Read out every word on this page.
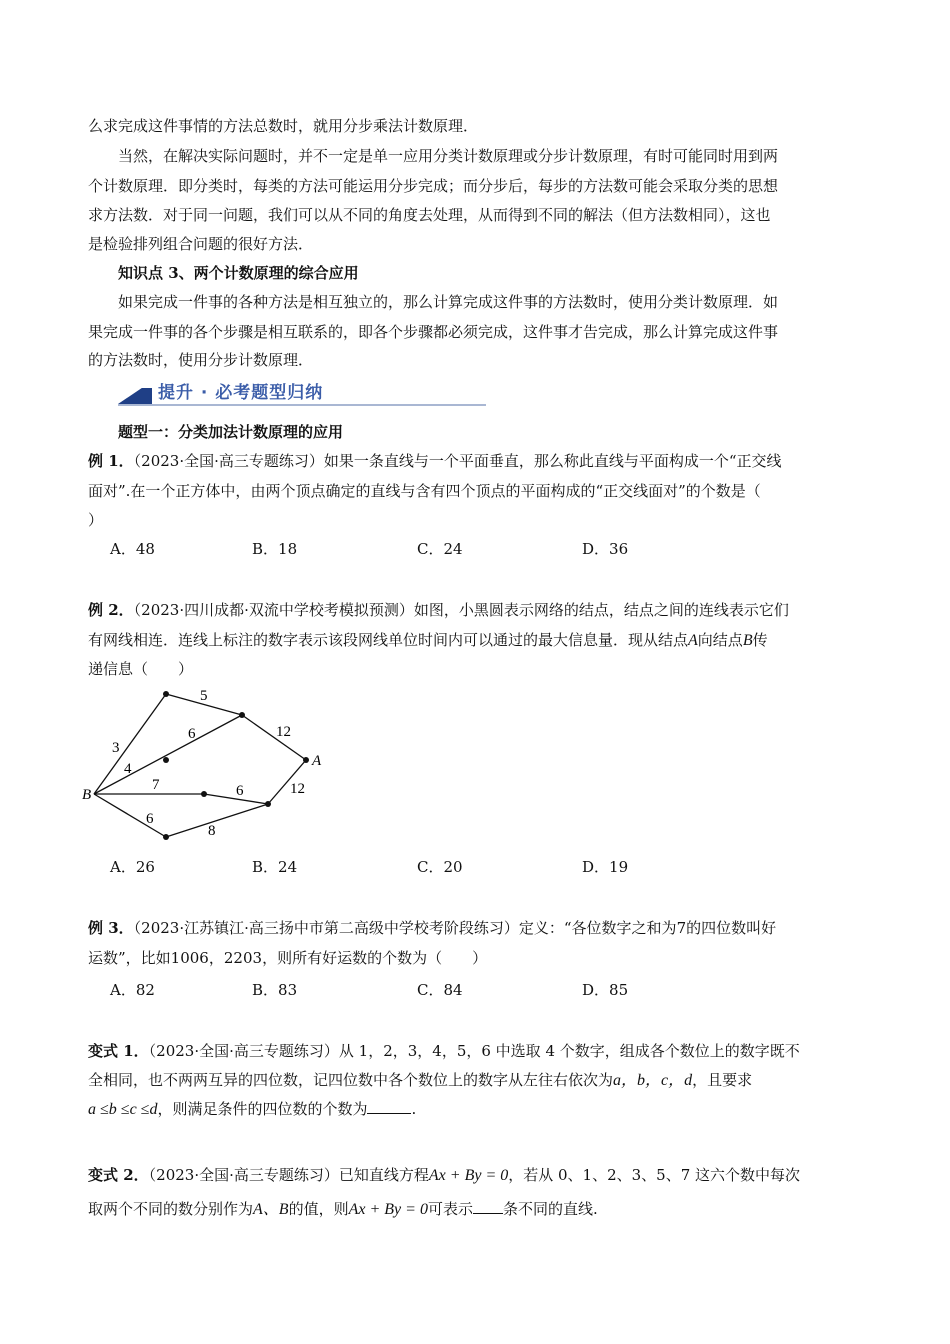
么求完成这件事情的方法总数时，就用分步乘法计数原理．
当然，在解决实际问题时，并不一定是单一应用分类计数原理或分步计数原理，有时可能同时用到两
个计数原理．即分类时，每类的方法可能运用分步完成；而分步后，每步的方法数可能会采取分类的思想
求方法数．对于同一问题，我们可以从不同的角度去处理，从而得到不同的解法（但方法数相同），这也
是检验排列组合问题的很好方法．
知识点 3、两个计数原理的综合应用
如果完成一件事的各种方法是相互独立的，那么计算完成这件事的方法数时，使用分类计数原理．如
果完成一件事的各个步骤是相互联系的，即各个步骤都必须完成，这件事才告完成，那么计算完成这件事
的方法数时，使用分步计数原理．
提升 · 必考题型归纳
题型一：分类加法计数原理的应用
例 1．（2023·全国·高三专题练习）如果一条直线与一个平面垂直，那么称此直线与平面构成一个“正交线
面对”.在一个正方体中，由两个顶点确定的直线与含有四个顶点的平面构成的“正交线面对”的个数是（
）
A．48	B．18	C．24	D．36
例 2．（2023·四川成都·双流中学校考模拟预测）如图，小黑圆表示网络的结点，结点之间的连线表示它们
有网线相连．连线上标注的数字表示该段网线单位时间内可以通过的最大信息量．现从结点A向结点B传
递信息（　　）
A
B
5
3
6	12
4
7	6	12
6
8
A．26	B．24	C．20	D．19
例 3．（2023·江苏镇江·高三扬中市第二高级中学校考阶段练习）定义：“各位数字之和为7的四位数叫好
运数”，比如1006，2203，则所有好运数的个数为（　　）
A．82	B．83	C．84	D．85
变式 1．（2023·全国·高三专题练习）从 1，2，3，4，5，6 中选取 4 个数字，组成各个数位上的数字既不
全相同，也不两两互异的四位数，记四位数中各个数位上的数字从左往右依次为a，b，c，d，且要求
a ≤b ≤c ≤d，则满足条件的四位数的个数为	.
变式 2．（2023·全国·高三专题练习）已知直线方程Ax + By = 0，若从 0、1、2、3、5、7 这六个数中每次
取两个不同的数分别作为A、B的值，则Ax + By = 0可表示 条不同的直线.
